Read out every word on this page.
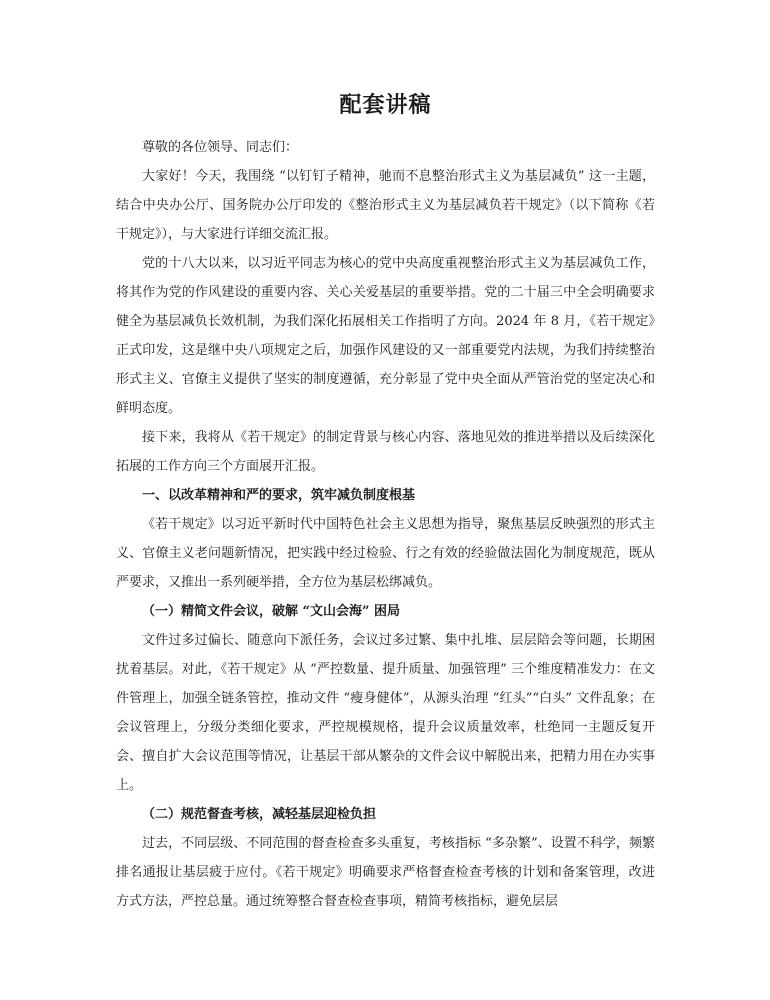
配套讲稿

尊敬的各位领导、同志们：

大家好！今天，我围绕 “以钉钉子精神，驰而不息整治形式主义为基层减负” 这一主题，结合中央办公厅、国务院办公厅印发的《整治形式主义为基层减负若干规定》（以下简称《若干规定》），与大家进行详细交流汇报。

党的十八大以来，以习近平同志为核心的党中央高度重视整治形式主义为基层减负工作，将其作为党的作风建设的重要内容、关心关爱基层的重要举措。党的二十届三中全会明确要求健全为基层减负长效机制，为我们深化拓展相关工作指明了方向。2024 年 8 月，《若干规定》正式印发，这是继中央八项规定之后，加强作风建设的又一部重要党内法规，为我们持续整治形式主义、官僚主义提供了坚实的制度遵循，充分彰显了党中央全面从严管治党的坚定决心和鲜明态度。

接下来，我将从《若干规定》的制定背景与核心内容、落地见效的推进举措以及后续深化拓展的工作方向三个方面展开汇报。

一、以改革精神和严的要求，筑牢减负制度根基

《若干规定》以习近平新时代中国特色社会主义思想为指导，聚焦基层反映强烈的形式主义、官僚主义老问题新情况，把实践中经过检验、行之有效的经验做法固化为制度规范，既从严要求，又推出一系列硬举措，全方位为基层松绑减负。

（一）精简文件会议，破解 “文山会海” 困局

文件过多过偏长、随意向下派任务，会议过多过繁、集中扎堆、层层陪会等问题，长期困扰着基层。对此，《若干规定》从 “严控数量、提升质量、加强管理” 三个维度精准发力：在文件管理上，加强全链条管控，推动文件 “瘦身健体”，从源头治理 “红头”“白头” 文件乱象；在会议管理上，分级分类细化要求，严控规模规格，提升会议质量效率，杜绝同一主题反复开会、擅自扩大会议范围等情况，让基层干部从繁杂的文件会议中解脱出来，把精力用在办实事上。

（二）规范督查考核，减轻基层迎检负担

过去，不同层级、不同范围的督查检查多头重复，考核指标 “多杂繁”、设置不科学，频繁排名通报让基层疲于应付。《若干规定》明确要求严格督查检查考核的计划和备案管理，改进方式方法，严控总量。通过统筹整合督查检查事项，精简考核指标，避免层层
